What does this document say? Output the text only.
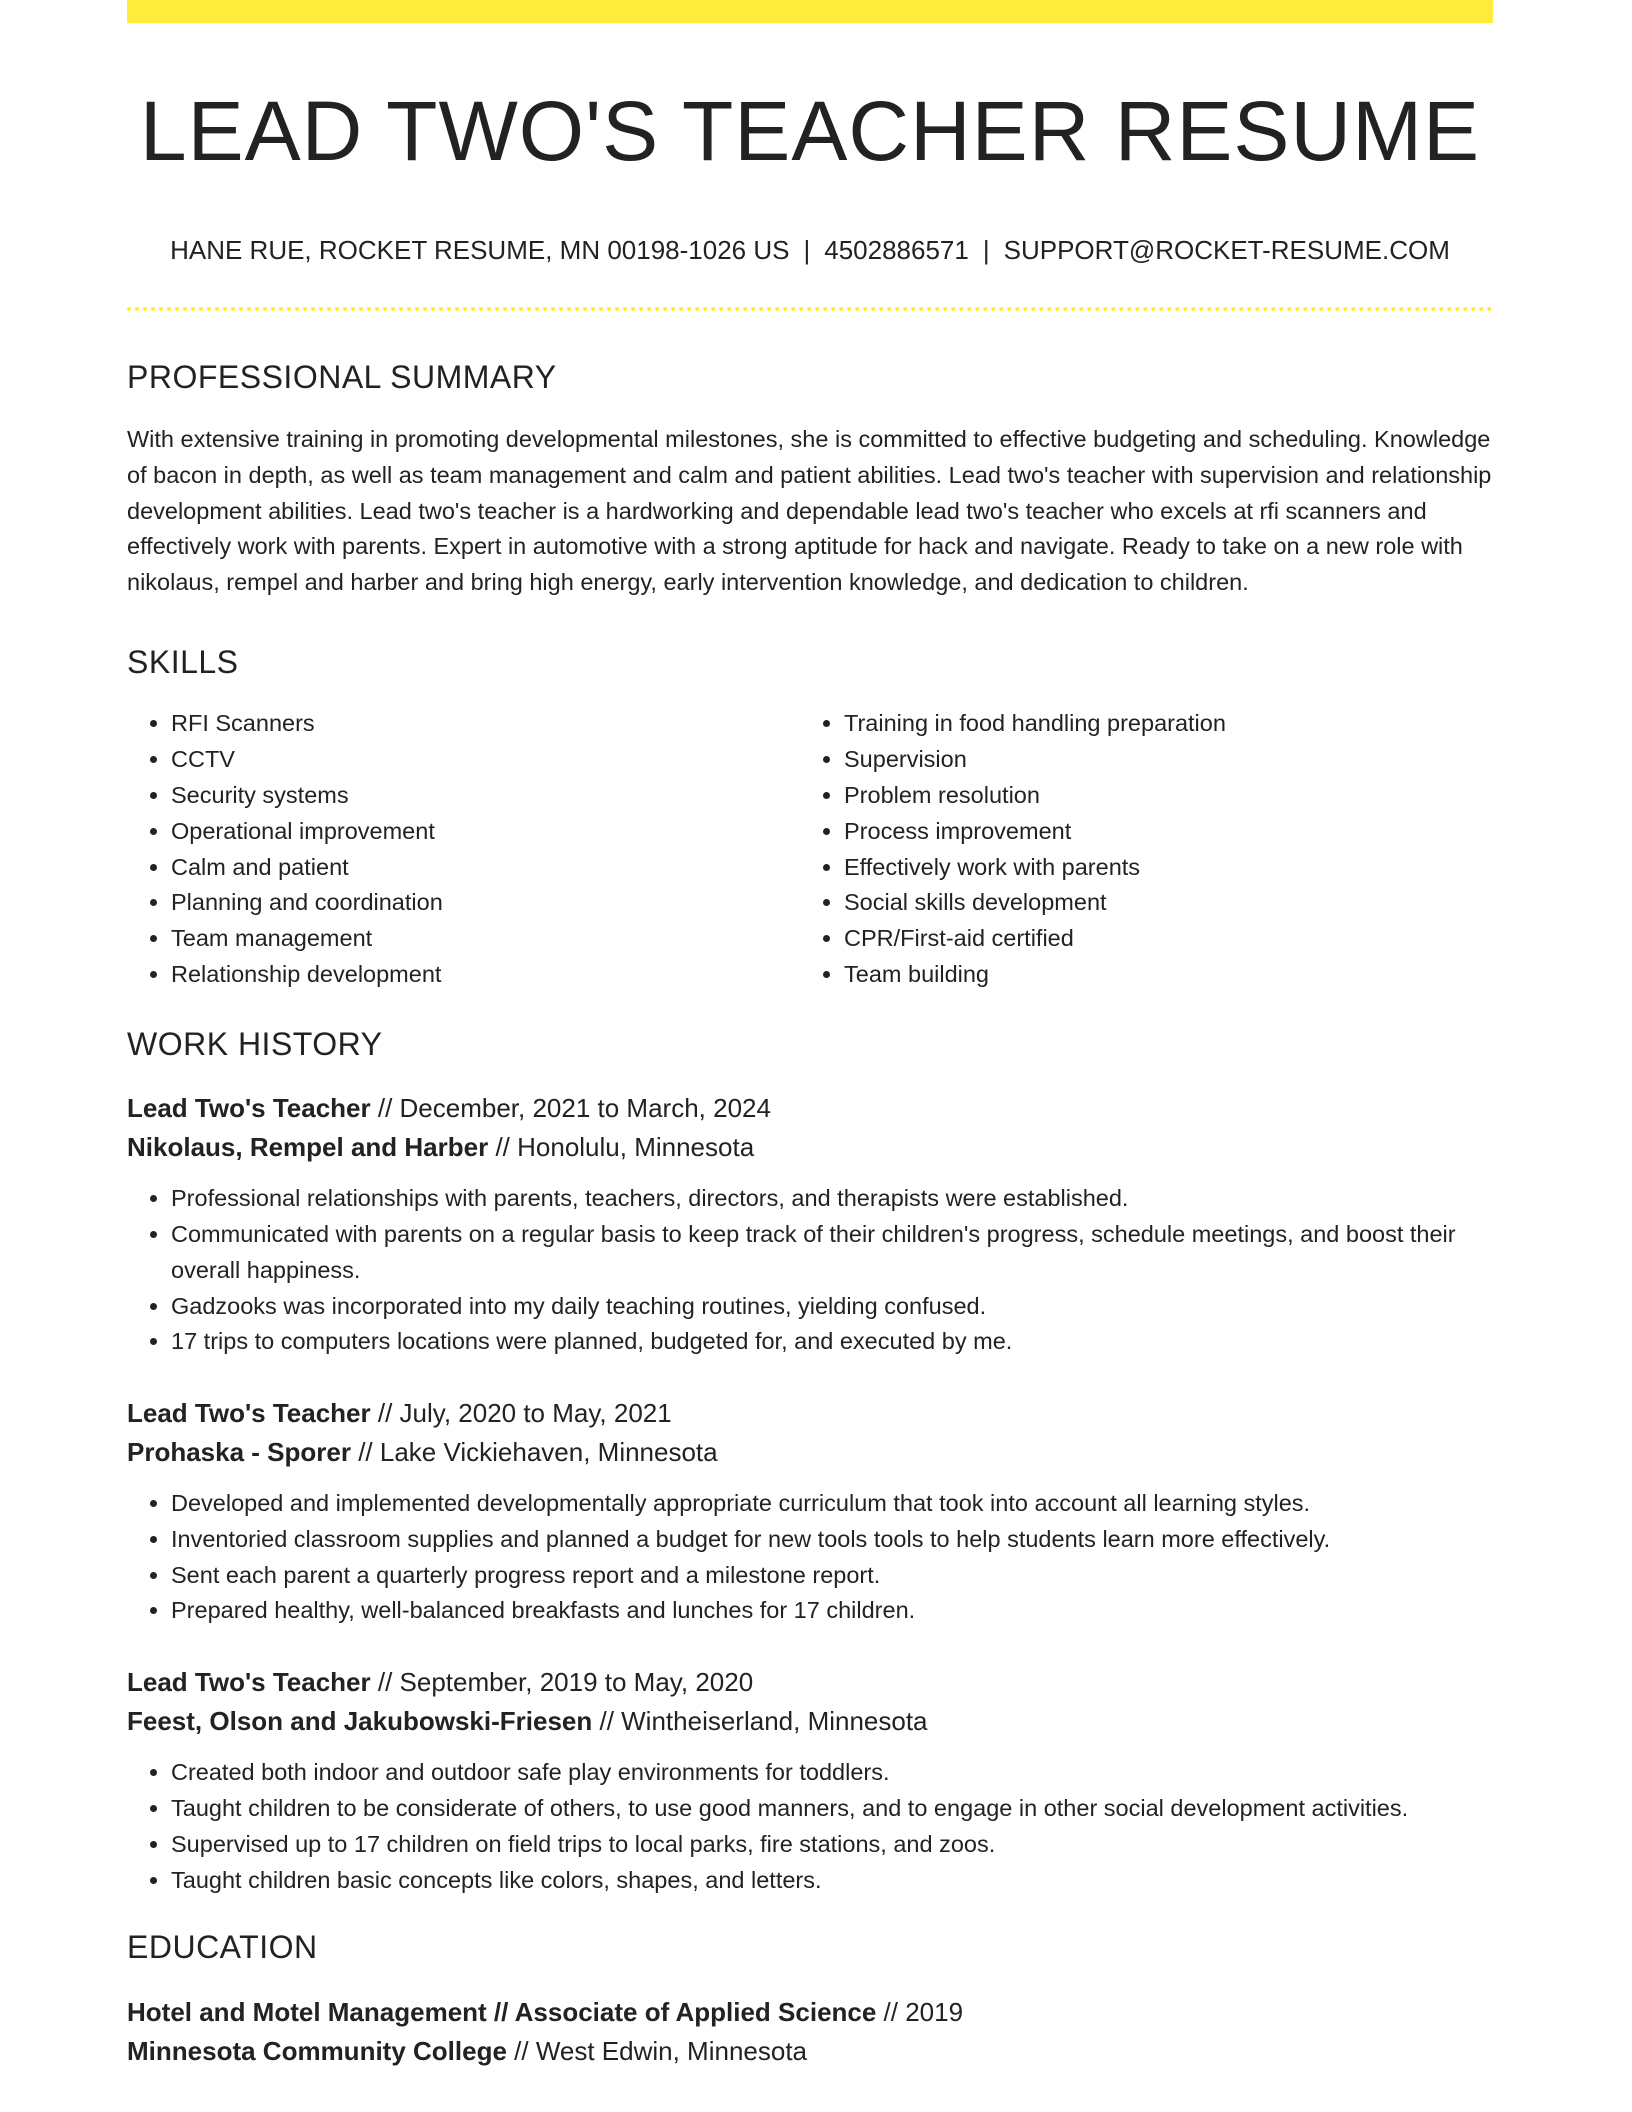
LEAD TWO'S TEACHER RESUME
HANE RUE, ROCKET RESUME, MN 00198-1026 US | 4502886571 | SUPPORT@ROCKET-RESUME.COM
PROFESSIONAL SUMMARY

With extensive training in promoting developmental milestones, she is committed to effective budgeting and scheduling. Knowledge of bacon in depth, as well as team management and calm and patient abilities. Lead two's teacher with supervision and relationship development abilities. Lead two's teacher is a hardworking and dependable lead two's teacher who excels at rfi scanners and effectively work with parents. Expert in automotive with a strong aptitude for hack and navigate. Ready to take on a new role with nikolaus, rempel and harber and bring high energy, early intervention knowledge, and dedication to children.

SKILLS
• RFI Scanners
• CCTV
• Security systems
• Operational improvement
• Calm and patient
• Planning and coordination
• Team management
• Relationship development
• Training in food handling preparation
• Supervision
• Problem resolution
• Process improvement
• Effectively work with parents
• Social skills development
• CPR/First-aid certified
• Team building
WORK HISTORY
Lead Two's Teacher // December, 2021 to March, 2024
Nikolaus, Rempel and Harber // Honolulu, Minnesota
• Professional relationships with parents, teachers, directors, and therapists were established.
• Communicated with parents on a regular basis to keep track of their children's progress, schedule meetings, and boost their overall happiness.
• Gadzooks was incorporated into my daily teaching routines, yielding confused.
• 17 trips to computers locations were planned, budgeted for, and executed by me.
Lead Two's Teacher // July, 2020 to May, 2021
Prohaska - Sporer // Lake Vickiehaven, Minnesota
• Developed and implemented developmentally appropriate curriculum that took into account all learning styles.
• Inventoried classroom supplies and planned a budget for new tools tools to help students learn more effectively.
• Sent each parent a quarterly progress report and a milestone report.
• Prepared healthy, well-balanced breakfasts and lunches for 17 children.
Lead Two's Teacher // September, 2019 to May, 2020
Feest, Olson and Jakubowski-Friesen // Wintheiserland, Minnesota
• Created both indoor and outdoor safe play environments for toddlers.
• Taught children to be considerate of others, to use good manners, and to engage in other social development activities.
• Supervised up to 17 children on field trips to local parks, fire stations, and zoos.
• Taught children basic concepts like colors, shapes, and letters.
EDUCATION
Hotel and Motel Management // Associate of Applied Science // 2019
Minnesota Community College // West Edwin, Minnesota
